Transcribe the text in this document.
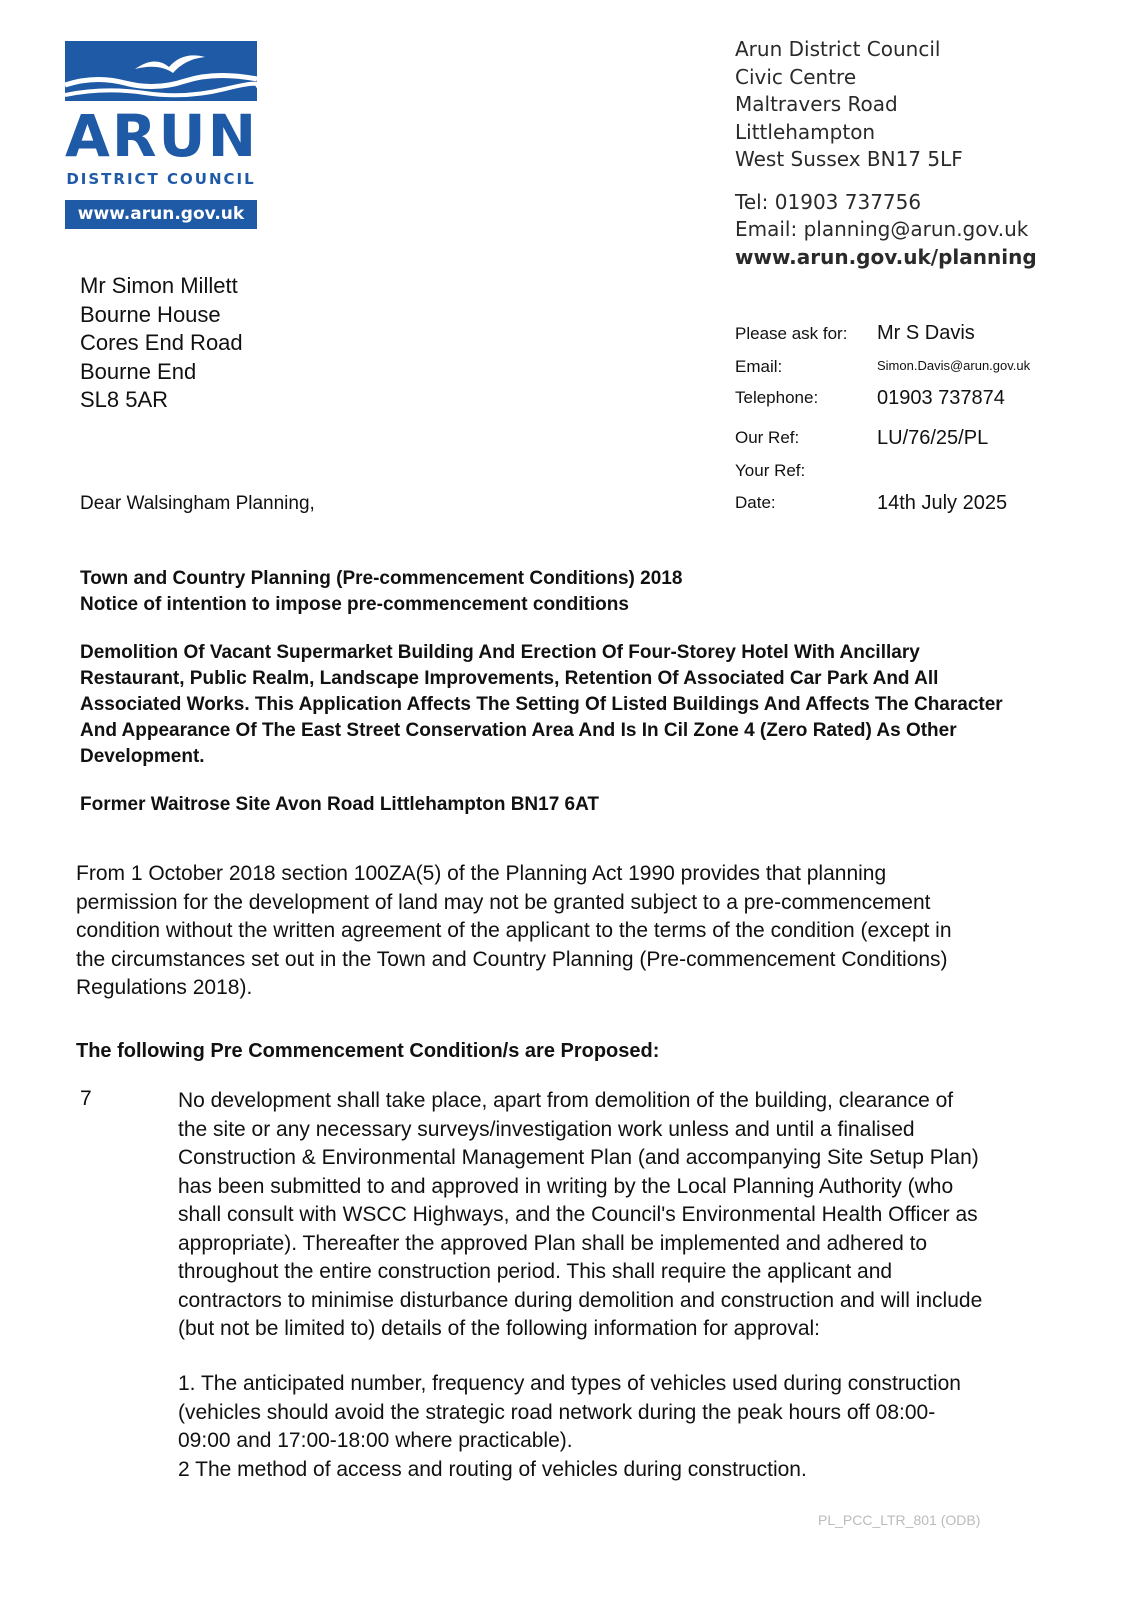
ARUN
DISTRICT COUNCIL
www.arun.gov.uk
Arun District Council
Civic Centre
Maltravers Road
Littlehampton
West Sussex BN17 5LF
Tel: 01903 737756
Email: planning@arun.gov.uk
www.arun.gov.uk/planning
Mr Simon Millett
Bourne House
Cores End Road
Bourne End
SL8 5AR
Please ask for: Mr S Davis
Email:	Simon.Davis@arun.gov.uk
Telephone:	01903 737874
Our Ref:	LU/76/25/PL
Your Ref:
Date:	14th July 2025
Dear Walsingham Planning,
Town and Country Planning (Pre-commencement Conditions) 2018
Notice of intention to impose pre-commencement conditions
Demolition Of Vacant Supermarket Building And Erection Of Four-Storey Hotel With Ancillary
Restaurant, Public Realm, Landscape Improvements, Retention Of Associated Car Park And All
Associated Works. This Application Affects The Setting Of Listed Buildings And Affects The Character
And Appearance Of The East Street Conservation Area And Is In Cil Zone 4 (Zero Rated) As Other
Development.
Former Waitrose Site Avon Road Littlehampton BN17 6AT
From 1 October 2018 section 100ZA(5) of the Planning Act 1990 provides that planning
permission for the development of land may not be granted subject to a pre-commencement
condition without the written agreement of the applicant to the terms of the condition (except in
the circumstances set out in the Town and Country Planning (Pre-commencement Conditions)
Regulations 2018).
The following Pre Commencement Condition/s are Proposed:
7	No development shall take place, apart from demolition of the building, clearance of
the site or any necessary surveys/investigation work unless and until a finalised
Construction & Environmental Management Plan (and accompanying Site Setup Plan)
has been submitted to and approved in writing by the Local Planning Authority (who
shall consult with WSCC Highways, and the Council's Environmental Health Officer as
appropriate). Thereafter the approved Plan shall be implemented and adhered to
throughout the entire construction period. This shall require the applicant and
contractors to minimise disturbance during demolition and construction and will include
(but not be limited to) details of the following information for approval:
1. The anticipated number, frequency and types of vehicles used during construction
(vehicles should avoid the strategic road network during the peak hours off 08:00-
09:00 and 17:00-18:00 where practicable).
2 The method of access and routing of vehicles during construction.
PL_PCC_LTR_801 (ODB)
